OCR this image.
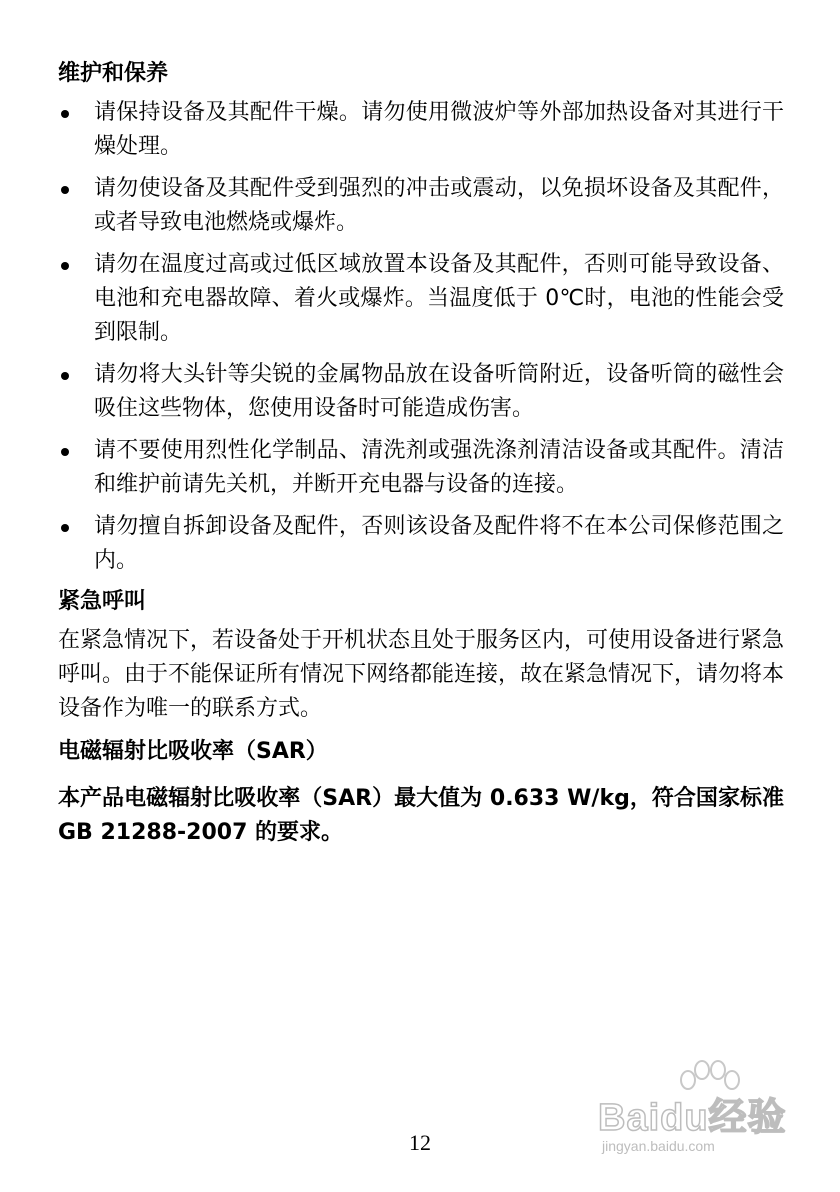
维护和保养
请保持设备及其配件干燥。请勿使用微波炉等外部加热设备对其进行干燥处理。
请勿使设备及其配件受到强烈的冲击或震动，以免损坏设备及其配件，或者导致电池燃烧或爆炸。
请勿在温度过高或过低区域放置本设备及其配件，否则可能导致设备、电池和充电器故障、着火或爆炸。当温度低于 0℃时，电池的性能会受到限制。
请勿将大头针等尖锐的金属物品放在设备听筒附近，设备听筒的磁性会吸住这些物体，您使用设备时可能造成伤害。
请不要使用烈性化学制品、清洗剂或强洗涤剂清洁设备或其配件。清洁和维护前请先关机，并断开充电器与设备的连接。
请勿擅自拆卸设备及配件，否则该设备及配件将不在本公司保修范围之内。
紧急呼叫
在紧急情况下，若设备处于开机状态且处于服务区内，可使用设备进行紧急呼叫。由于不能保证所有情况下网络都能连接，故在紧急情况下，请勿将本设备作为唯一的联系方式。
电磁辐射比吸收率（SAR）
本产品电磁辐射比吸收率（SAR）最大值为 0.633 W/kg，符合国家标准 GB 21288-2007 的要求。
12
Baidu经验
jingyan.baidu.com
